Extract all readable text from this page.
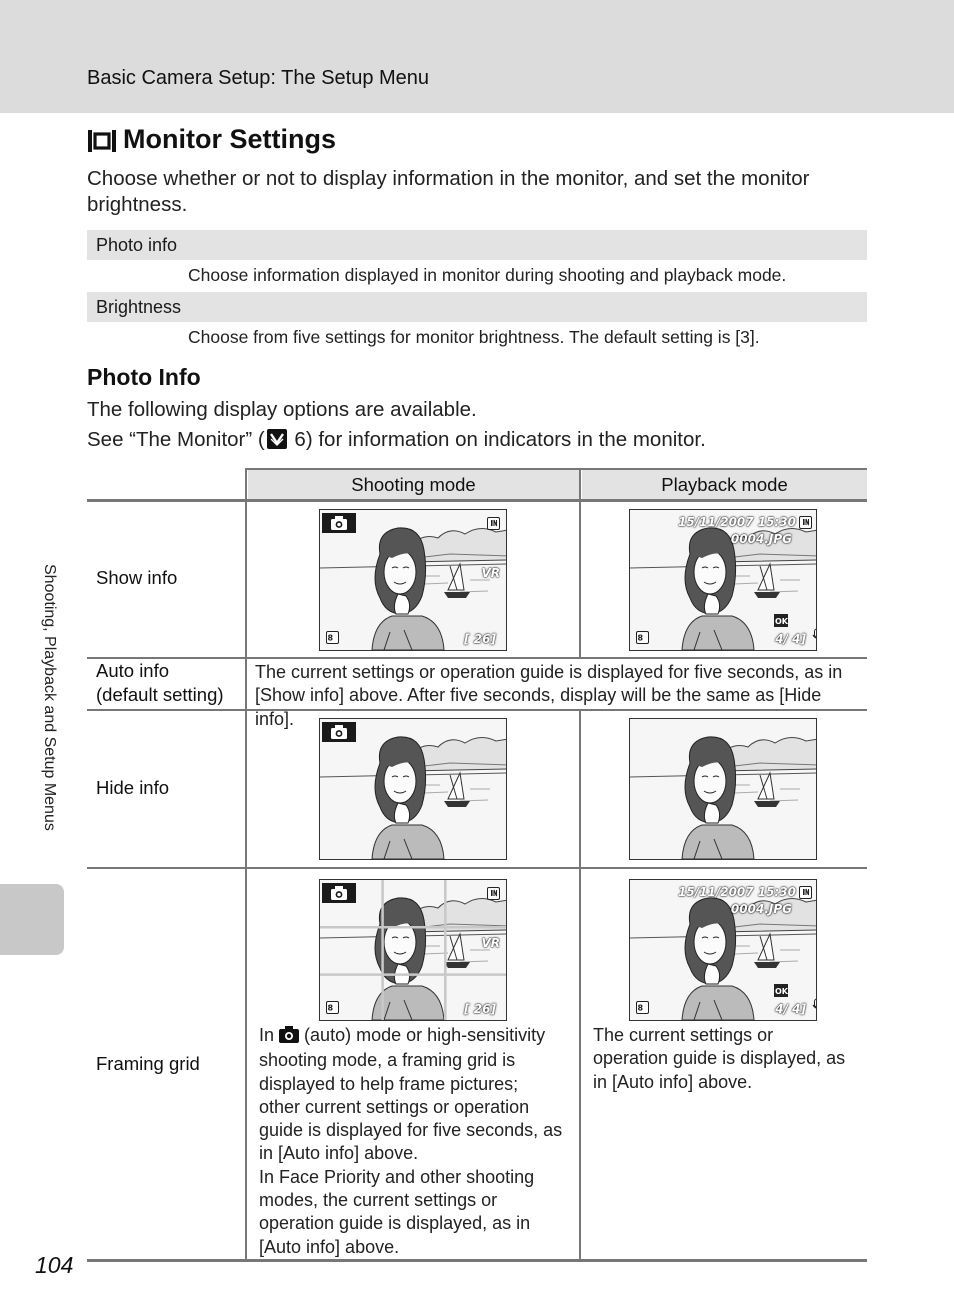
Basic Camera Setup: The Setup Menu
Monitor Settings
Choose whether or not to display information in the monitor, and set the monitor brightness.
Photo info
Choose information displayed in monitor during shooting and playback mode.
Brightness
Choose from five settings for monitor brightness. The default setting is [3].
Photo Info
The following display options are available.
See “The Monitor” ( 6) for information on indicators in the monitor.
Shooting, Playback and Setup Menus
Shooting mode	Playback mode
Show info
Auto info
(default setting)
Hide info
Framing grid
The current settings or operation guide is displayed for five seconds, as in [Show info] above. After five seconds, display will be the same as [Hide info].
VR
[ 26]
8
15/11/2007 15:30
0004.JPG
4/ 4]
OK
8
VR
[ 26]
8
15/11/2007 15:30
0004.JPG
4/ 4]
OK
8
In (auto) mode or high-sensitivity
shooting mode, a framing grid is
displayed to help frame pictures;
other current settings or operation
guide is displayed for five seconds, as
in [Auto info] above.
In Face Priority and other shooting
modes, the current settings or
operation guide is displayed, as in
[Auto info] above.
The current settings or
operation guide is displayed, as
in [Auto info] above.
104
